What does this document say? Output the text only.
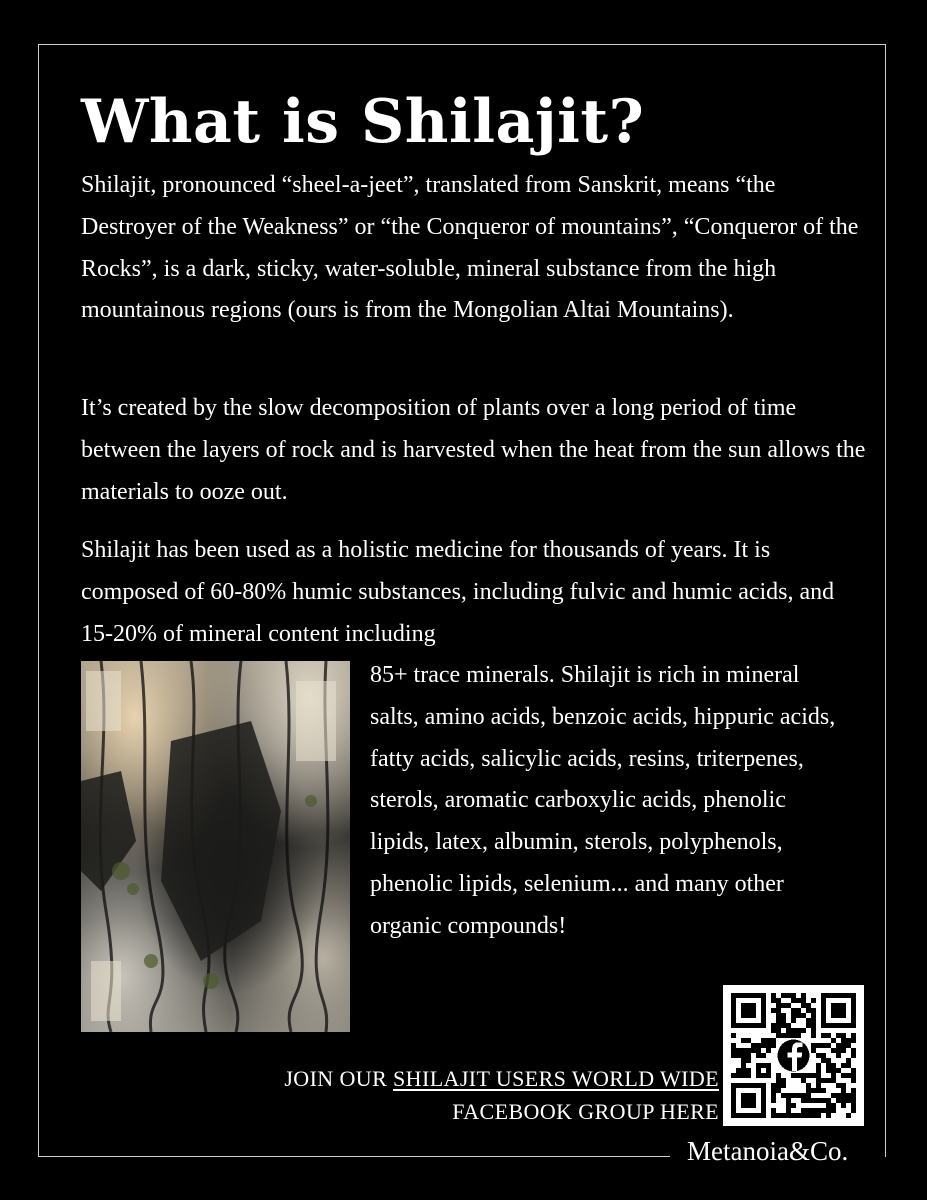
What is Shilajit?

Shilajit, pronounced “sheel-a-jeet”, translated from Sanskrit, means “the Destroyer of the Weakness” or “the Conqueror of mountains”, “Conqueror of the Rocks”, is a dark, sticky, water-soluble, mineral substance from the high mountainous regions (ours is from the Mongolian Altai Mountains).

It’s created by the slow decomposition of plants over a long period of time between the layers of rock and is harvested when the heat from the sun allows the materials to ooze out.

Shilajit has been used as a holistic medicine for thousands of years. It is composed of 60-80% humic substances, including fulvic and humic acids, and 15-20% of mineral content including

85+ trace minerals. Shilajit is rich in mineral salts, amino acids, benzoic acids, hippuric acids, fatty acids, salicylic acids, resins, triterpenes, sterols, aromatic carboxylic acids, phenolic lipids, latex, albumin, sterols, polyphenols, phenolic lipids, selenium... and many other organic compounds!

JOIN OUR SHILAJIT USERS WORLD WIDE
FACEBOOK GROUP HERE

Metanoia&Co.
